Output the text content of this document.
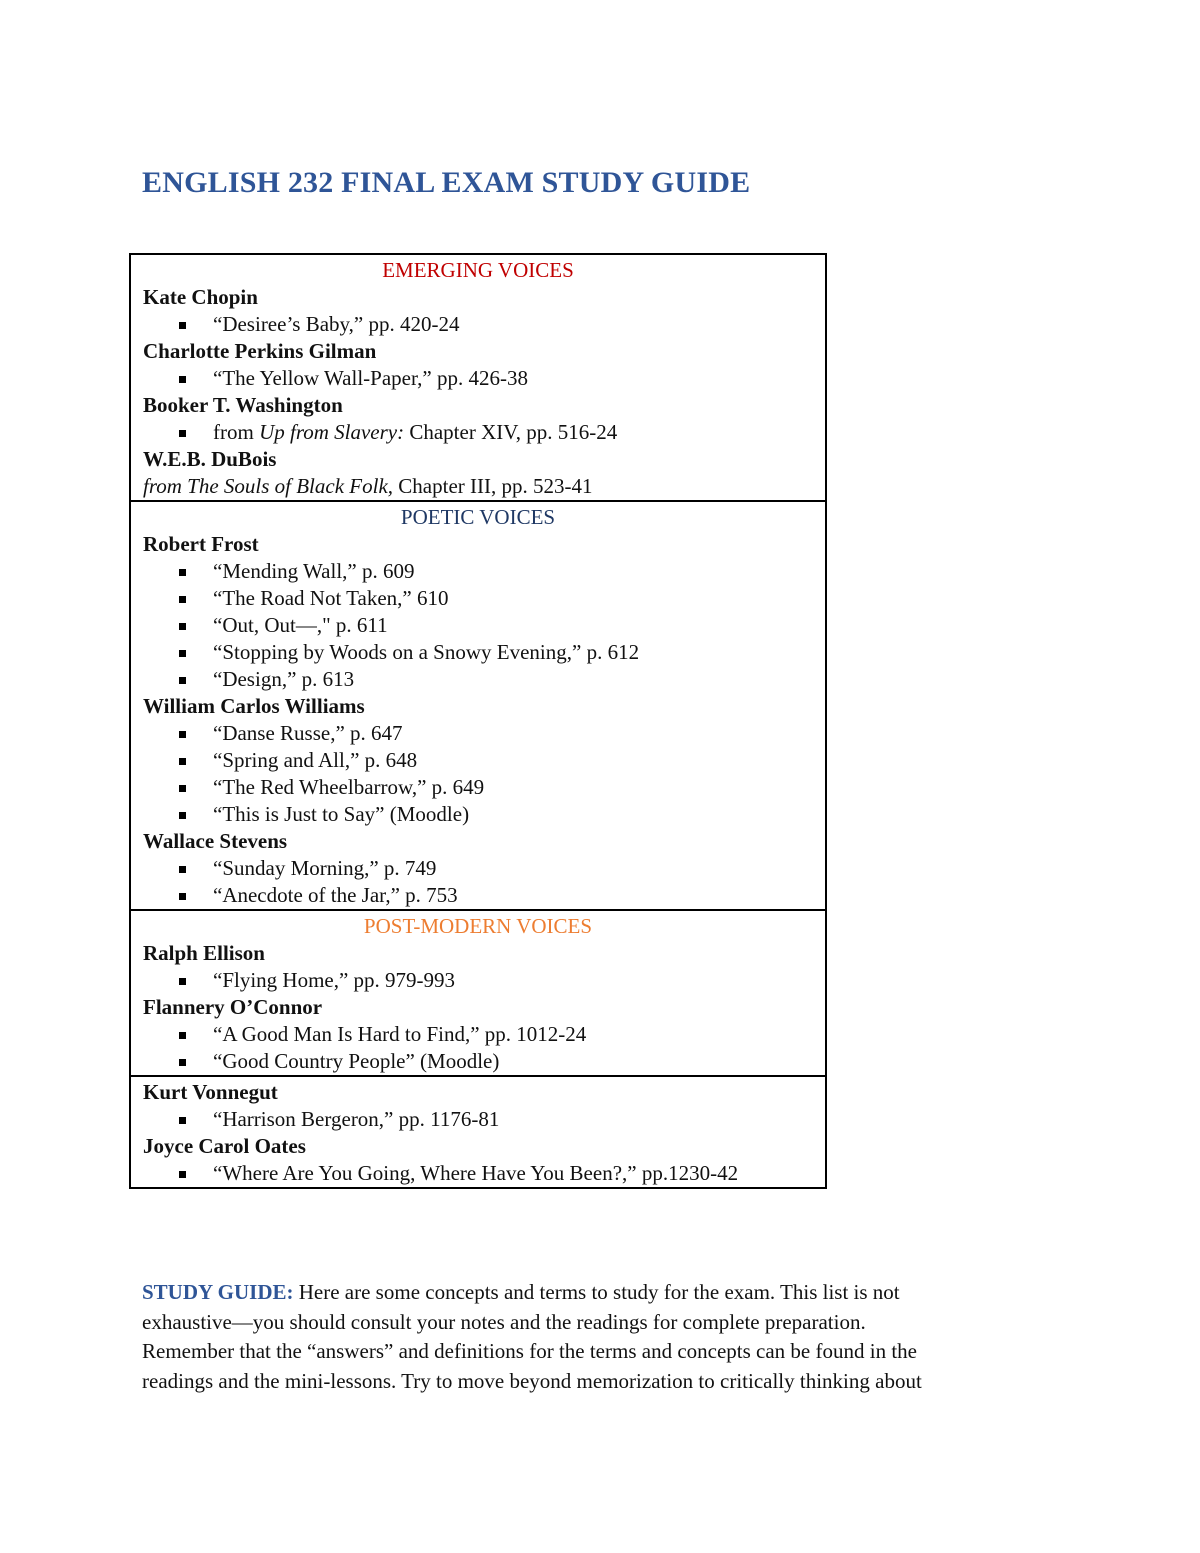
ENGLISH 232 FINAL EXAM STUDY GUIDE
EMERGING VOICES
Kate Chopin
“Desiree’s Baby,” pp. 420-24
Charlotte Perkins Gilman
“The Yellow Wall-Paper,” pp. 426-38
Booker T. Washington
from Up from Slavery: Chapter XIV, pp. 516-24
W.E.B. DuBois
from The Souls of Black Folk, Chapter III, pp. 523-41
POETIC VOICES
Robert Frost
“Mending Wall,” p. 609
“The Road Not Taken,” 610
“Out, Out—," p. 611
“Stopping by Woods on a Snowy Evening,” p. 612
“Design,” p. 613
William Carlos Williams
“Danse Russe,” p. 647
“Spring and All,” p. 648
“The Red Wheelbarrow,” p. 649
“This is Just to Say” (Moodle)
Wallace Stevens
“Sunday Morning,” p. 749
“Anecdote of the Jar,” p. 753
POST-MODERN VOICES
Ralph Ellison
“Flying Home,” pp. 979-993
Flannery O’Connor
“A Good Man Is Hard to Find,” pp. 1012-24
“Good Country People” (Moodle)
Kurt Vonnegut
“Harrison Bergeron,” pp. 1176-81
Joyce Carol Oates
“Where Are You Going, Where Have You Been?,” pp.1230-42
STUDY GUIDE: Here are some concepts and terms to study for the exam. This list is not
exhaustive—you should consult your notes and the readings for complete preparation.
Remember that the “answers” and definitions for the terms and concepts can be found in the
readings and the mini-lessons. Try to move beyond memorization to critically thinking about
